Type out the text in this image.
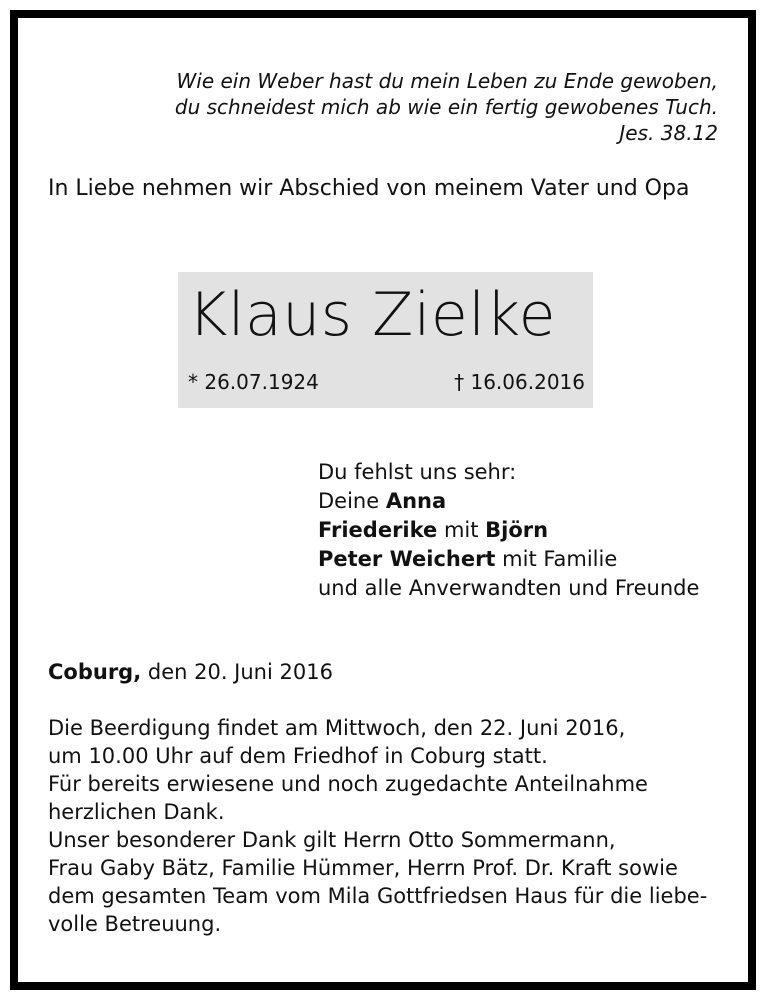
Wie ein Weber hast du mein Leben zu Ende gewoben,
du schneidest mich ab wie ein fertig gewobenes Tuch.
Jes. 38.12
In Liebe nehmen wir Abschied von meinem Vater und Opa
Klaus Zielke
* 26.07.1924	† 16.06.2016
Du fehlst uns sehr:
Deine Anna
Friederike mit Björn
Peter Weichert mit Familie
und alle Anverwandten und Freunde
Coburg, den 20. Juni 2016
Die Beerdigung findet am Mittwoch, den 22. Juni 2016,
um 10.00 Uhr auf dem Friedhof in Coburg statt.
Für bereits erwiesene und noch zugedachte Anteilnahme
herzlichen Dank.
Unser besonderer Dank gilt Herrn Otto Sommermann,
Frau Gaby Bätz, Familie Hümmer, Herrn Prof. Dr. Kraft sowie
dem gesamten Team vom Mila Gottfriedsen Haus für die liebe-
volle Betreuung.
